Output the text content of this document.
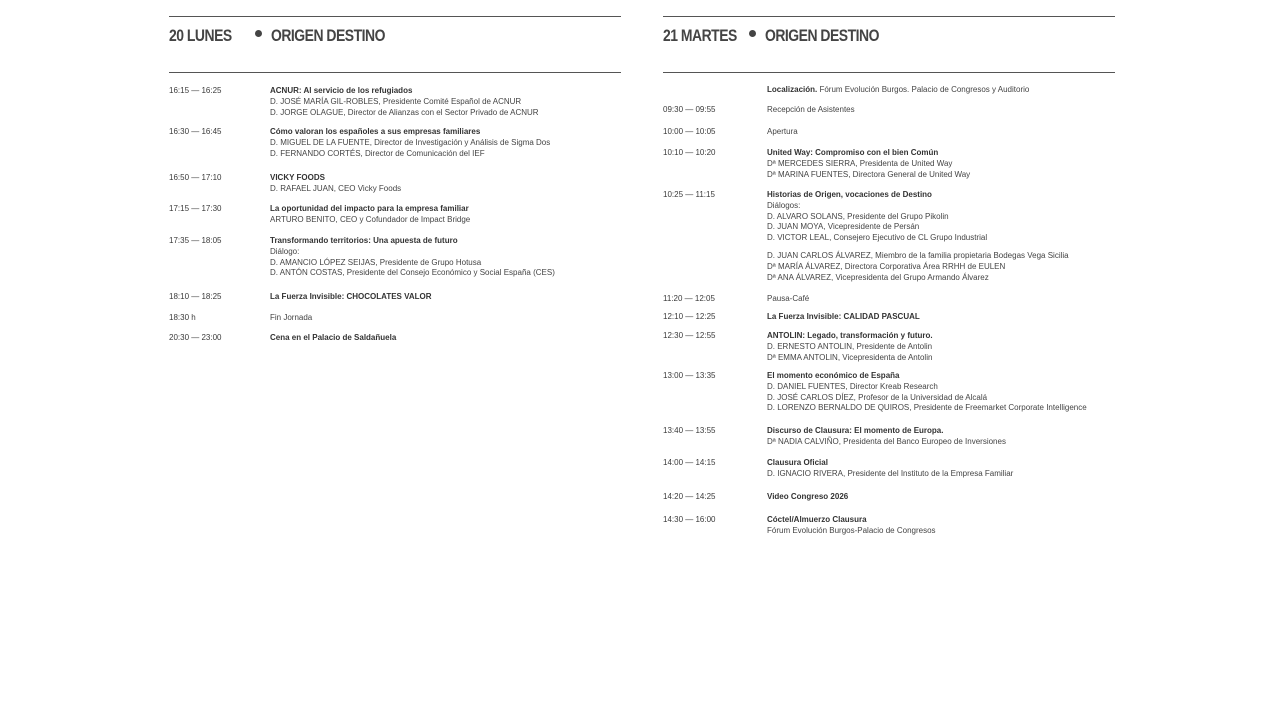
20 LUNES ORIGEN DESTINO
16:15 — 16:25	ACNUR: Al servicio de los refugiados
D. JOSÉ MARÍA GIL-ROBLES, Presidente Comité Español de ACNUR
D. JORGE OLAGUE, Director de Alianzas con el Sector Privado de ACNUR
16:30 — 16:45	Cómo valoran los españoles a sus empresas familiares
D. MIGUEL DE LA FUENTE, Director de Investigación y Análisis de Sigma Dos
D. FERNANDO CORTÉS, Director de Comunicación del IEF
16:50 — 17:10	VICKY FOODS
D. RAFAEL JUAN, CEO Vicky Foods
17:15 — 17:30	La oportunidad del impacto para la empresa familiar
ARTURO BENITO, CEO y Cofundador de Impact Bridge
17:35 — 18:05	Transformando territorios: Una apuesta de futuro
Diálogo:
D. AMANCIO LÓPEZ SEIJAS, Presidente de Grupo Hotusa
D. ANTÓN COSTAS, Presidente del Consejo Económico y Social España (CES)
18:10 — 18:25	La Fuerza Invisible: CHOCOLATES VALOR
18:30 h	Fin Jornada
20:30 — 23:00	Cena en el Palacio de Saldañuela
21 MARTES ORIGEN DESTINO
Localización. Fórum Evolución Burgos. Palacio de Congresos y Auditorio
09:30 — 09:55	Recepción de Asistentes
10:00 — 10:05	Apertura
10:10 — 10:20	United Way: Compromiso con el bien Común
Dª MERCEDES SIERRA, Presidenta de United Way
Dª MARINA FUENTES, Directora General de United Way
10:25 — 11:15	Historias de Origen, vocaciones de Destino
Diálogos:
D. ALVARO SOLANS, Presidente del Grupo Pikolin
D. JUAN MOYA, Vicepresidente de Persán
D. VICTOR LEAL, Consejero Ejecutivo de CL Grupo Industrial
D. JUAN CARLOS ÁLVAREZ, Miembro de la familia propietaria Bodegas Vega Sicilia
Dª MARÍA ÁLVAREZ, Directora Corporativa Área RRHH de EULEN
Dª ANA ÁLVAREZ, Vicepresidenta del Grupo Armando Álvarez
11:20 — 12:05	Pausa-Café
12:10 — 12:25	La Fuerza Invisible: CALIDAD PASCUAL
12:30 — 12:55	ANTOLIN: Legado, transformación y futuro.
D. ERNESTO ANTOLIN, Presidente de Antolin
Dª EMMA ANTOLIN, Vicepresidenta de Antolin
13:00 — 13:35	El momento económico de España
D. DANIEL FUENTES, Director Kreab Research
D. JOSÉ CARLOS DÍEZ, Profesor de la Universidad de Alcalá
D. LORENZO BERNALDO DE QUIROS, Presidente de Freemarket Corporate Intelligence
13:40 — 13:55	Discurso de Clausura: El momento de Europa.
Dª NADIA CALVIÑO, Presidenta del Banco Europeo de Inversiones
14:00 — 14:15	Clausura Oficial
D. IGNACIO RIVERA, Presidente del Instituto de la Empresa Familiar
14:20 — 14:25	Video Congreso 2026
14:30 — 16:00	Cóctel/Almuerzo Clausura
Fórum Evolución Burgos-Palacio de Congresos
